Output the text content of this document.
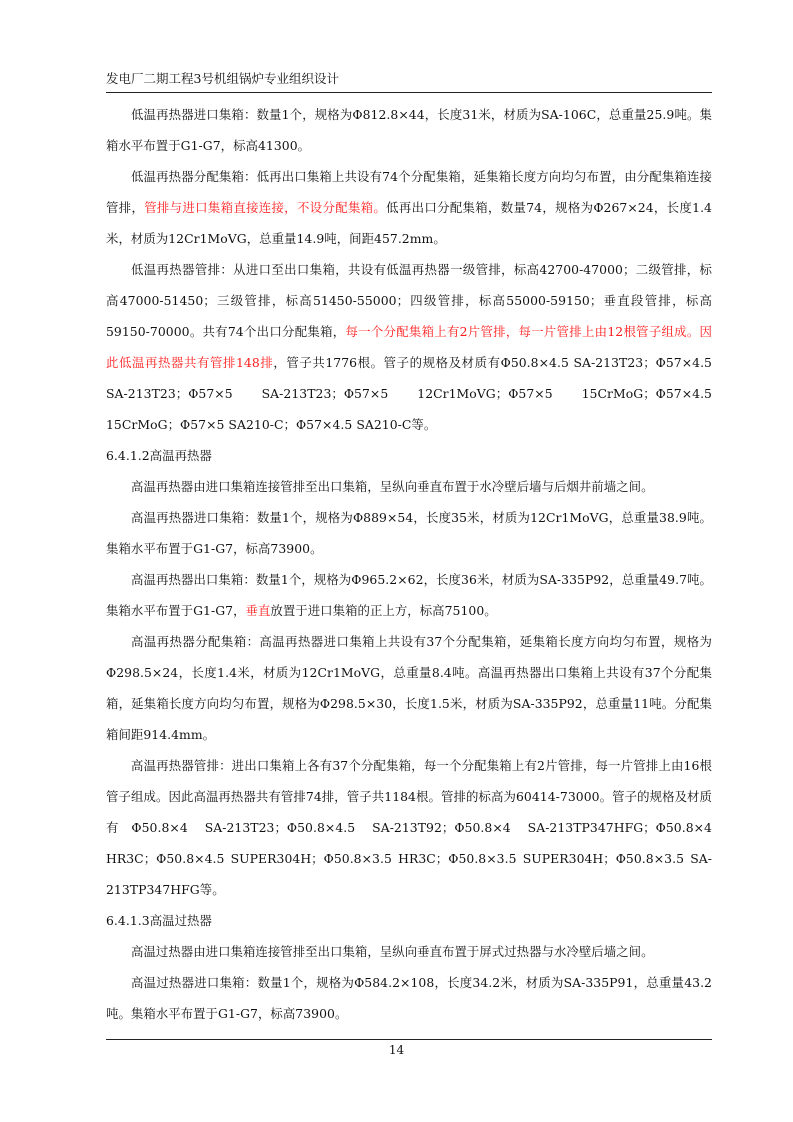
发电厂二期工程3号机组锅炉专业组织设计

低温再热器进口集箱：数量1个，规格为Φ812.8×44，长度31米，材质为SA-106C，总重量25.9吨。集箱水平布置于G1-G7，标高41300。

低温再热器分配集箱：低再出口集箱上共设有74个分配集箱，延集箱长度方向均匀布置，由分配集箱连接管排，管排与进口集箱直接连接，不设分配集箱。低再出口分配集箱，数量74，规格为Φ267×24，长度1.4米，材质为12Cr1MoVG，总重量14.9吨，间距457.2mm。

低温再热器管排：从进口至出口集箱，共设有低温再热器一级管排，标高42700-47000；二级管排，标高47000-51450；三级管排，标高51450-55000；四级管排，标高55000-59150；垂直段管排，标高59150-70000。共有74个出口分配集箱，每一个分配集箱上有2片管排，每一片管排上由12根管子组成。因此低温再热器共有管排148排，管子共1776根。管子的规格及材质有Φ50.8×4.5 SA-213T23；Φ57×4.5 SA-213T23；Φ57×5 SA-213T23；Φ57×5 12Cr1MoVG；Φ57×5 15CrMoG；Φ57×4.5 15CrMoG；Φ57×5 SA210-C；Φ57×4.5 SA210-C等。

6.4.1.2高温再热器

高温再热器由进口集箱连接管排至出口集箱，呈纵向垂直布置于水冷壁后墙与后烟井前墙之间。

高温再热器进口集箱：数量1个，规格为Φ889×54，长度35米，材质为12Cr1MoVG，总重量38.9吨。集箱水平布置于G1-G7，标高73900。

高温再热器出口集箱：数量1个，规格为Φ965.2×62，长度36米，材质为SA-335P92，总重量49.7吨。集箱水平布置于G1-G7，垂直放置于进口集箱的正上方，标高75100。

高温再热器分配集箱：高温再热器进口集箱上共设有37个分配集箱，延集箱长度方向均匀布置，规格为Φ298.5×24，长度1.4米，材质为12Cr1MoVG，总重量8.4吨。高温再热器出口集箱上共设有37个分配集箱，延集箱长度方向均匀布置，规格为Φ298.5×30，长度1.5米，材质为SA-335P92，总重量11吨。分配集箱间距914.4mm。

高温再热器管排：进出口集箱上各有37个分配集箱，每一个分配集箱上有2片管排，每一片管排上由16根管子组成。因此高温再热器共有管排74排，管子共1184根。管排的标高为60414-73000。管子的规格及材质有Φ50.8×4 SA-213T23；Φ50.8×4.5 SA-213T92；Φ50.8×4 SA-213TP347HFG；Φ50.8×4 HR3C；Φ50.8×4.5 SUPER304H；Φ50.8×3.5 HR3C；Φ50.8×3.5 SUPER304H；Φ50.8×3.5 SA-213TP347HFG等。

6.4.1.3高温过热器

高温过热器由进口集箱连接管排至出口集箱，呈纵向垂直布置于屏式过热器与水冷壁后墙之间。

高温过热器进口集箱：数量1个，规格为Φ584.2×108，长度34.2米，材质为SA-335P91，总重量43.2吨。集箱水平布置于G1-G7，标高73900。

14
